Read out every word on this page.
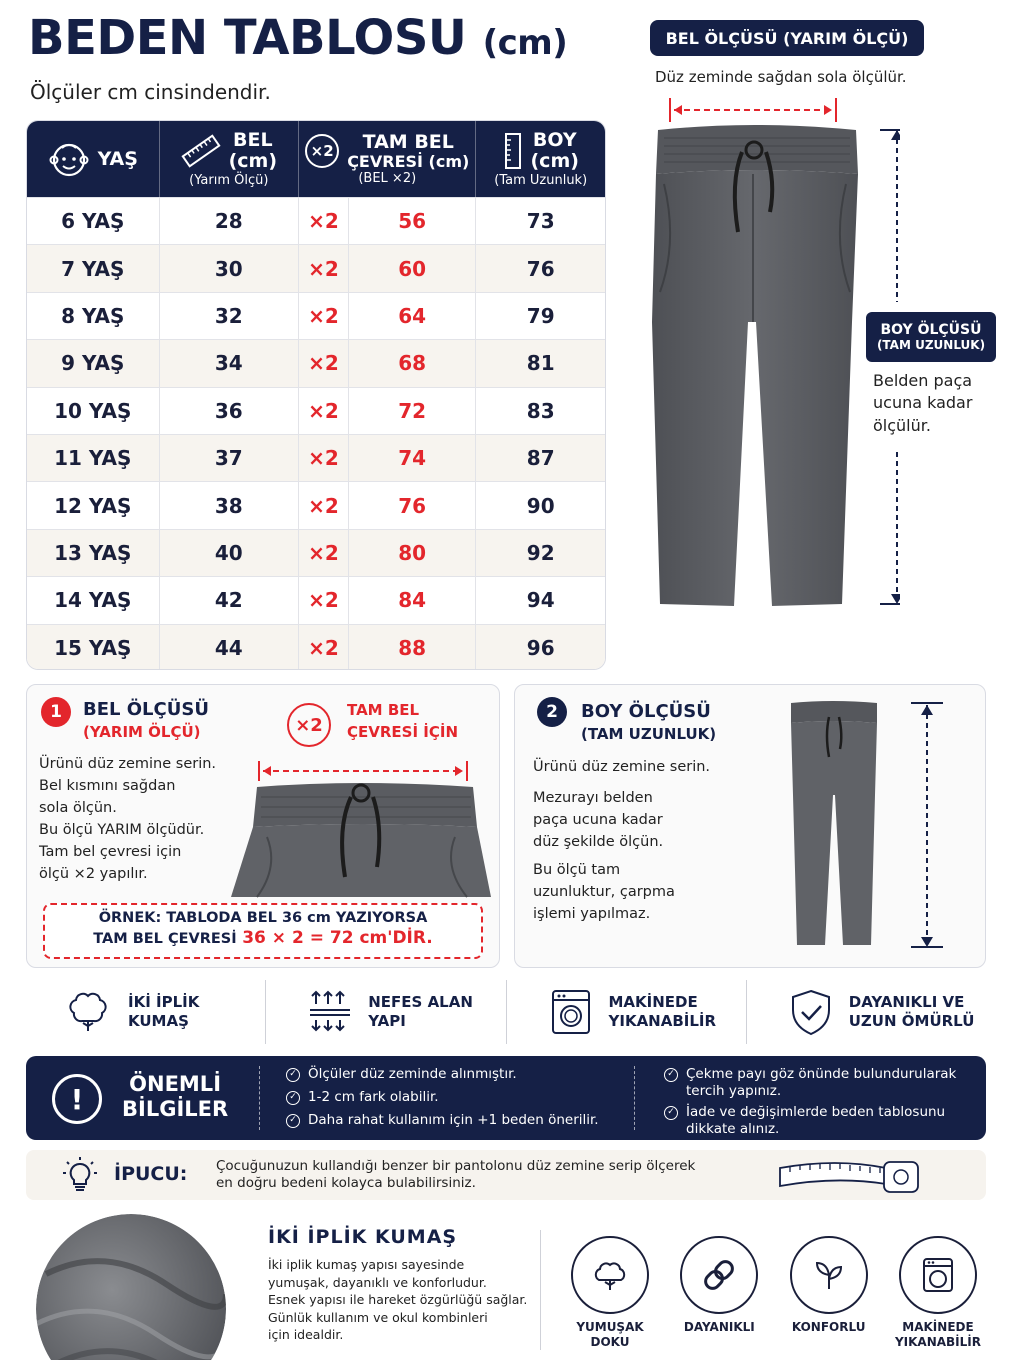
BEDEN TABLOSU (cm)
Ölçüler cm cinsindendir.
YAŞ
BEL
(cm)
(Yarım Ölçü)
×2	TAM BEL
ÇEVRESİ (cm)
(BEL ×2)
BOY
(cm)
(Tam Uzunluk)
6 YAŞ	28	×2	56	73
7 YAŞ	30	×2	60	76
8 YAŞ	32	×2	64	79
9 YAŞ	34	×2	68	81
10 YAŞ	36	×2	72	83
11 YAŞ	37	×2	74	87
12 YAŞ	38	×2	76	90
13 YAŞ	40	×2	80	92
14 YAŞ	42	×2	84	94
15 YAŞ	44	×2	88	96
BEL ÖLÇÜSÜ (YARIM ÖLÇÜ)
Düz zeminde sağdan sola ölçülür.
BOY ÖLÇÜSÜ
(TAM UZUNLUK)
Belden paça ucuna kadar ölçülür.
1	BEL ÖLÇÜSÜ
(YARIM ÖLÇÜ)	×2
TAM BEL
ÇEVRESİ İÇİN
Ürünü düz zemine serin.
Bel kısmını sağdan
sola ölçün.
Bu ölçü YARIM ölçüdür.
Tam bel çevresi için
ölçü ×2 yapılır.
ÖRNEK: TABLODA BEL 36 cm YAZIYORSA
TAM BEL ÇEVRESİ 36 × 2 = 72 cm'DİR.
2	BOY ÖLÇÜSÜ
(TAM UZUNLUK)
Ürünü düz zemine serin.
Mezurayı belden
paça ucuna kadar
düz şekilde ölçün.
Bu ölçü tam
uzunluktur, çarpma
işlemi yapılmaz.
İKİ İPLİK
KUMAŞ
NEFES ALAN
YAPI
MAKİNEDE
YIKANABİLİR
DAYANIKLI VE
UZUN ÖMÜRLÜ
!	ÖNEMLİ
BİLGİLER
✓ Ölçüler düz zeminde alınmıştır.
✓ 1-2 cm fark olabilir.
✓ Daha rahat kullanım için +1 beden önerilir.
✓ Çekme payı göz önünde bulundurularak tercih yapınız.
✓ İade ve değişimlerde beden tablosunu dikkate alınız.
İPUCU: Çocuğunuzun kullandığı benzer bir pantolonu düz zemine serip ölçerek
en doğru bedeni kolayca bulabilirsiniz.
İKİ İPLİK KUMAŞ
İki iplik kumaş yapısı sayesinde
yumuşak, dayanıklı ve konforludur.
Esnek yapısı ile hareket özgürlüğü sağlar.
Günlük kullanım ve okul kombinleri
için idealdir.	YUMUŞAK
DOKU
DAYANIKLI	KONFORLU	MAKİNEDE
YIKANABİLİR
